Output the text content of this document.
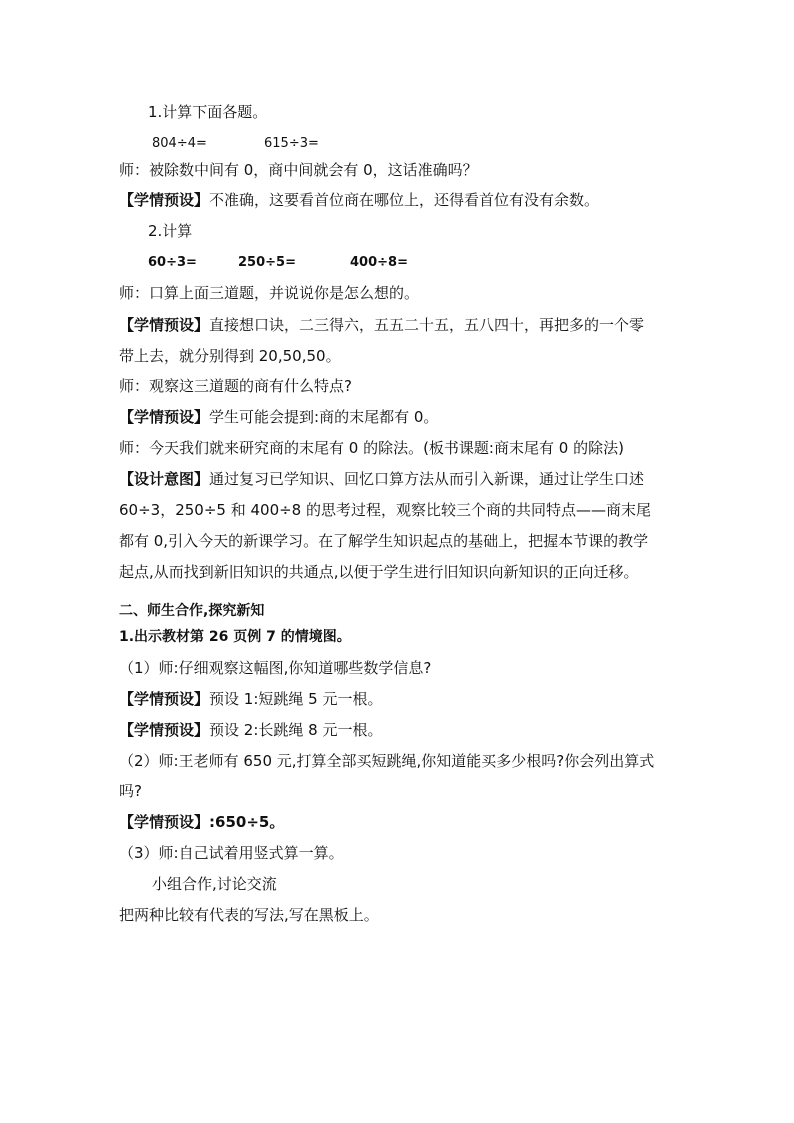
1.计算下面各题。
804÷4=	615÷3=
师：被除数中间有 0，商中间就会有 0，这话准确吗？
【学情预设】不准确，这要看首位商在哪位上，还得看首位有没有余数。
2.计算
60÷3=	250÷5=	400÷8=
师：口算上面三道题，并说说你是怎么想的。
【学情预设】直接想口诀，二三得六，五五二十五，五八四十，再把多的一个零
带上去，就分别得到 20,50,50。
师：观察这三道题的商有什么特点?
【学情预设】学生可能会提到:商的末尾都有 0。
师：今天我们就来研究商的末尾有 0 的除法。(板书课题:商末尾有 0 的除法)
【设计意图】通过复习已学知识、回忆口算方法从而引入新课，通过让学生口述
60÷3，250÷5 和 400÷8 的思考过程，观察比较三个商的共同特点——商末尾
都有 0,引入今天的新课学习。在了解学生知识起点的基础上，把握本节课的教学
起点,从而找到新旧知识的共通点,以便于学生进行旧知识向新知识的正向迁移。
二、师生合作,探究新知
1.出示教材第 26 页例 7 的情境图。
（1）师:仔细观察这幅图,你知道哪些数学信息?
【学情预设】预设 1:短跳绳 5 元一根。
【学情预设】预设 2:长跳绳 8 元一根。
（2）师:王老师有 650 元,打算全部买短跳绳,你知道能买多少根吗?你会列出算式
吗?
【学情预设】:650÷5。
（3）师:自己试着用竖式算一算。
小组合作,讨论交流
把两种比较有代表的写法,写在黑板上。
